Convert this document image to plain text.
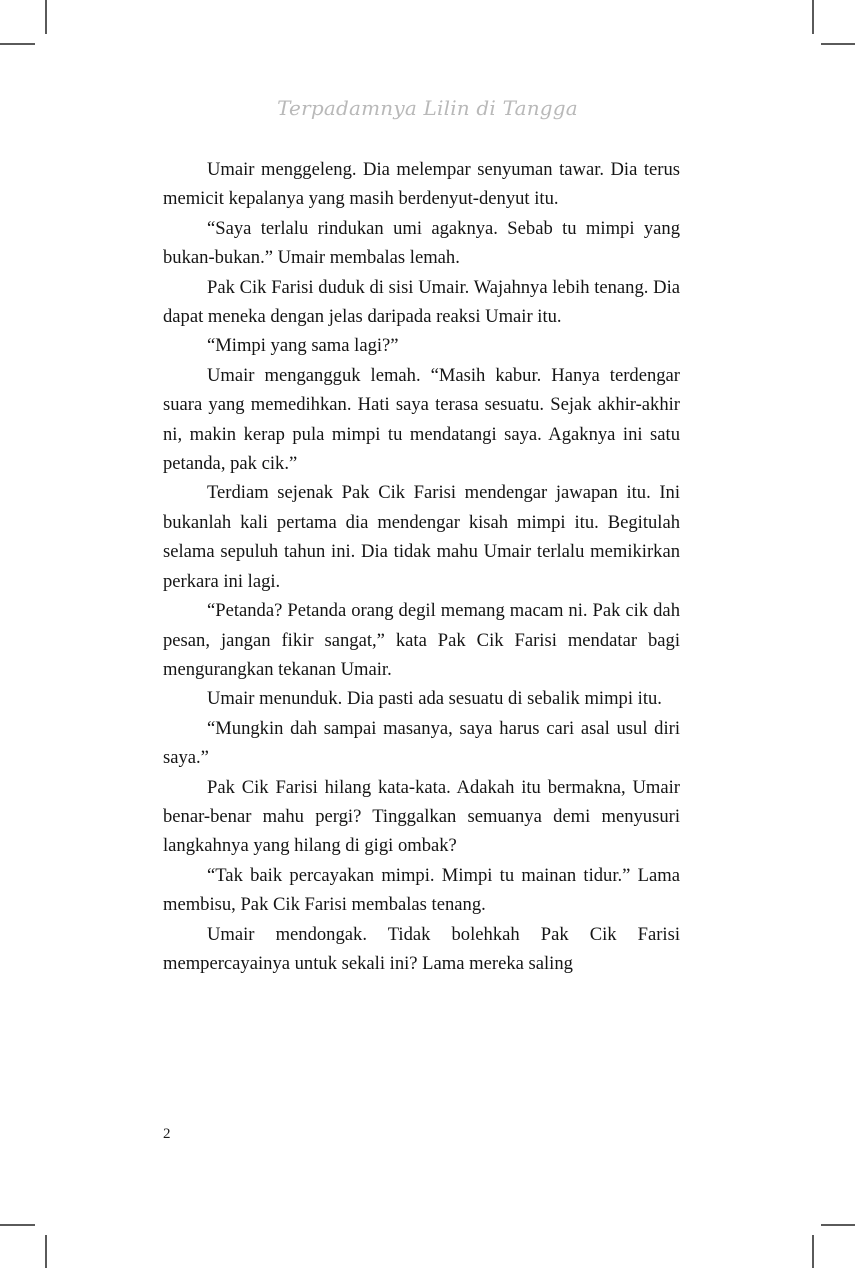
Terpadamnya Lilin di Tangga

Umair menggeleng. Dia melempar senyuman tawar. Dia terus memicit kepalanya yang masih berdenyut-denyut itu.

“Saya terlalu rindukan umi agaknya. Sebab tu mimpi yang bukan-bukan.” Umair membalas lemah.

Pak Cik Farisi duduk di sisi Umair. Wajahnya lebih tenang. Dia dapat meneka dengan jelas daripada reaksi Umair itu.

“Mimpi yang sama lagi?”

Umair mengangguk lemah. “Masih kabur. Hanya terdengar suara yang memedihkan. Hati saya terasa sesuatu. Sejak akhir-akhir ni, makin kerap pula mimpi tu mendatangi saya. Agaknya ini satu petanda, pak cik.”

Terdiam sejenak Pak Cik Farisi mendengar jawapan itu. Ini bukanlah kali pertama dia mendengar kisah mimpi itu. Begitulah selama sepuluh tahun ini. Dia tidak mahu Umair terlalu memikirkan perkara ini lagi.

“Petanda? Petanda orang degil memang macam ni. Pak cik dah pesan, jangan fikir sangat,” kata Pak Cik Farisi mendatar bagi mengurangkan tekanan Umair.

Umair menunduk. Dia pasti ada sesuatu di sebalik mimpi itu.

“Mungkin dah sampai masanya, saya harus cari asal usul diri saya.”

Pak Cik Farisi hilang kata-kata. Adakah itu bermakna, Umair benar-benar mahu pergi? Tinggalkan semuanya demi menyusuri langkahnya yang hilang di gigi ombak?

“Tak baik percayakan mimpi. Mimpi tu mainan tidur.” Lama membisu, Pak Cik Farisi membalas tenang.

Umair mendongak. Tidak bolehkah Pak Cik Farisi mempercayainya untuk sekali ini? Lama mereka saling

2
